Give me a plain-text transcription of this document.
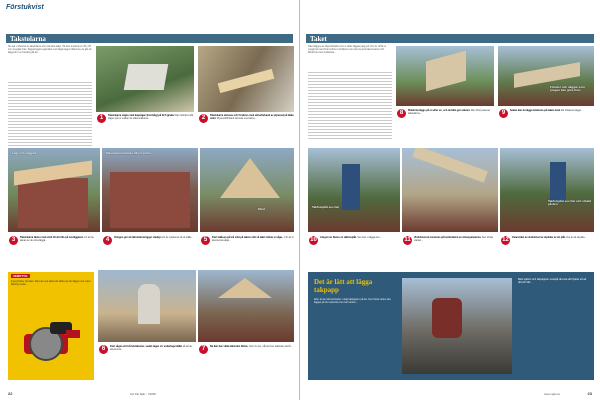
Förstukvist
Takstolarna
Nu ska vi tillverka de takstolarna som ska bära taket. Till dem används en 45 x 95 mm 4-reglad virke. Sågvid tagas regelvirket med sågar tagen tillsamma, de går att lägga det i en förvaring till att...
1	Takstolarna sågas med kapsågen (bordsåg) på 22,5 grader Det inbördes står sägen på en mellan de olika vinklarna...	2	Takstolarna skruvas och förskrivs med skruvförband av plywood på båda sidor. Plywoodförband skruvas med skruv...
Lagt och väggad	Takstolarna kärnas till en prima
Stöd
3	Takstolarna fästes med stöd till sitt tills på överliggaren. Fö att de akuas av de skruvlägga...	4	Ortogen gör att takstolarna ligger stadigt och de markeras till ett ställe...	5	Fäst takåsen på två stöd på takets mitt så taket måste vi såga... För att vi ska kunna såga...
VERKTYG
Inga privärer på taket. Med det nya sättet att sätta upp det läggs med enkel fästning hellre...
6	Fäst sågen vid två tekniknoter, sedan lagas vi i underlagsstället så att de ska kunna...	7	Nu kan den släta takstolen fästas. Som du ser, så kommer takstolen att få...
22	Gör Det Själv · 7/2008
Taket
Taket lägges av råspontbrädor som vi sätter läggas papp på. Om du vill fä en snyggt tak med bruk behöver vindskivor som ska med på takets kanter och tillsamma med vindskivan...
Fönster och väggar som pregen kan göra föns
8	Brädorna läggs på en efter en, och de lätta gör arbetet. Men först justeras takstolarna...	9	Sedan kan du lägga brädorna på takets kant där bräderna läggs...
Takfotsplåt ses här
Takfotsplåt ses här och stödet på den
10	Längst ner fästes en takfotsplåt. Sen kan vi lägga den...	11	Vindskivorna monteras på kortändarna av virkespanelerna. Den första vänder...	12	Ovansidan av vindskivorna skyddas av ett plåt. Det är att skydda...
Det är lätt att lägga takpapp
Efter att de rätt kostnader vi lagt takpappen på det. Den första raden ska läggas på det nedersta, lite över kanten...
Med spiken och takpappen ovanpå det ska det flyttas så att det blir tätt...
23
www.mgds.se
